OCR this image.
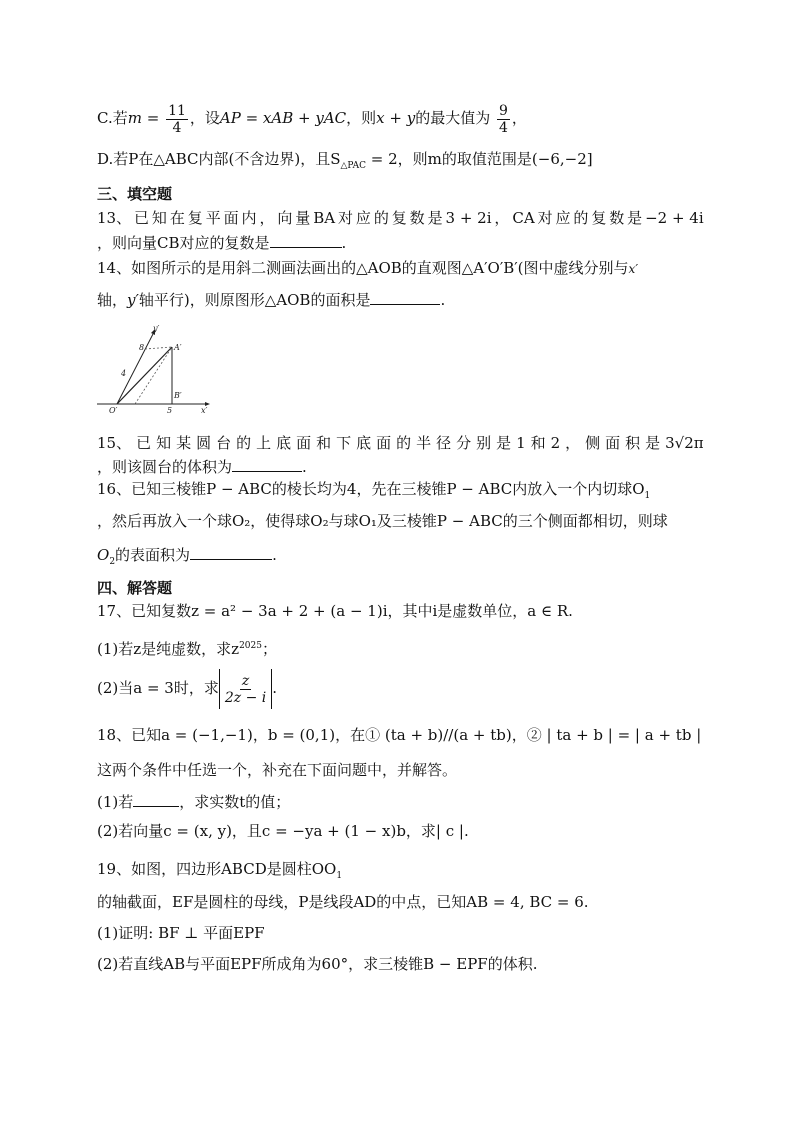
C.若$m = \frac{11}{4}$ ，设AP = xAB + yAC，则x + y的最大值为 $\frac{9}{4}$ ，
D.若P在△ABC内部(不含边界)，且$S_{\triangle PAC} = 2$，则m的取值范围是(−6,−2]
三、填空题
13、 已 知 在 复 平 面 内 ， 向 量 BA 对 应 的 复 数 是 3 + 2i ， CA 对 应 的 复 数 是 −2 + 4i
，则向量CB对应的复数是	.
14、如图所示的是用斜二测画法画出的△AOB的直观图△A′O′B′(图中虚线分别与x′
轴，y′轴平行)，则原图形△AOB的面积是	.
y′
8	A′
4
B′
O′	5	x′
15、 已 知 某 圆 台 的 上 底 面 和 下 底 面 的 半 径 分 别 是 1 和 2 ， 侧 面 积 是 3√2π
，则该圆台的体积为	.
16、已知三棱锥P − ABC的棱长均为4，先在三棱锥P − ABC内放入一个内切球$O_1$
，然后再放入一个球O₂，使得球O₂与球O₁及三棱锥P − ABC的三个侧面都相切，则球
$O_2$的表面积为	.
四、解答题
17、已知复数z = a² − 3a + 2 + (a − 1)i，其中i是虚数单位，a ∈ R.
(1)若z是纯虚数，求$z^{2025}$；
(2)当a = 3时，求 $\frac{z}{2z - i}$ .
18、已知a = (−1,−1)，b = (0,1)，在① (ta + b)//(a + tb)，② | ta + b | = | a + tb |
这两个条件中任选一个，补充在下面问题中，并解答。
(1)若	，求实数t的值；
(2)若向量c = (x, y)，且c = −ya + (1 − x)b，求| c |.
19、如图，四边形ABCD是圆柱$OO_1$
的轴截面，EF是圆柱的母线，P是线段AD的中点，已知AB = 4, BC = 6.
(1)证明: BF ⊥ 平面EPF
(2)若直线AB与平面EPF所成角为60°，求三棱锥B − EPF的体积.
